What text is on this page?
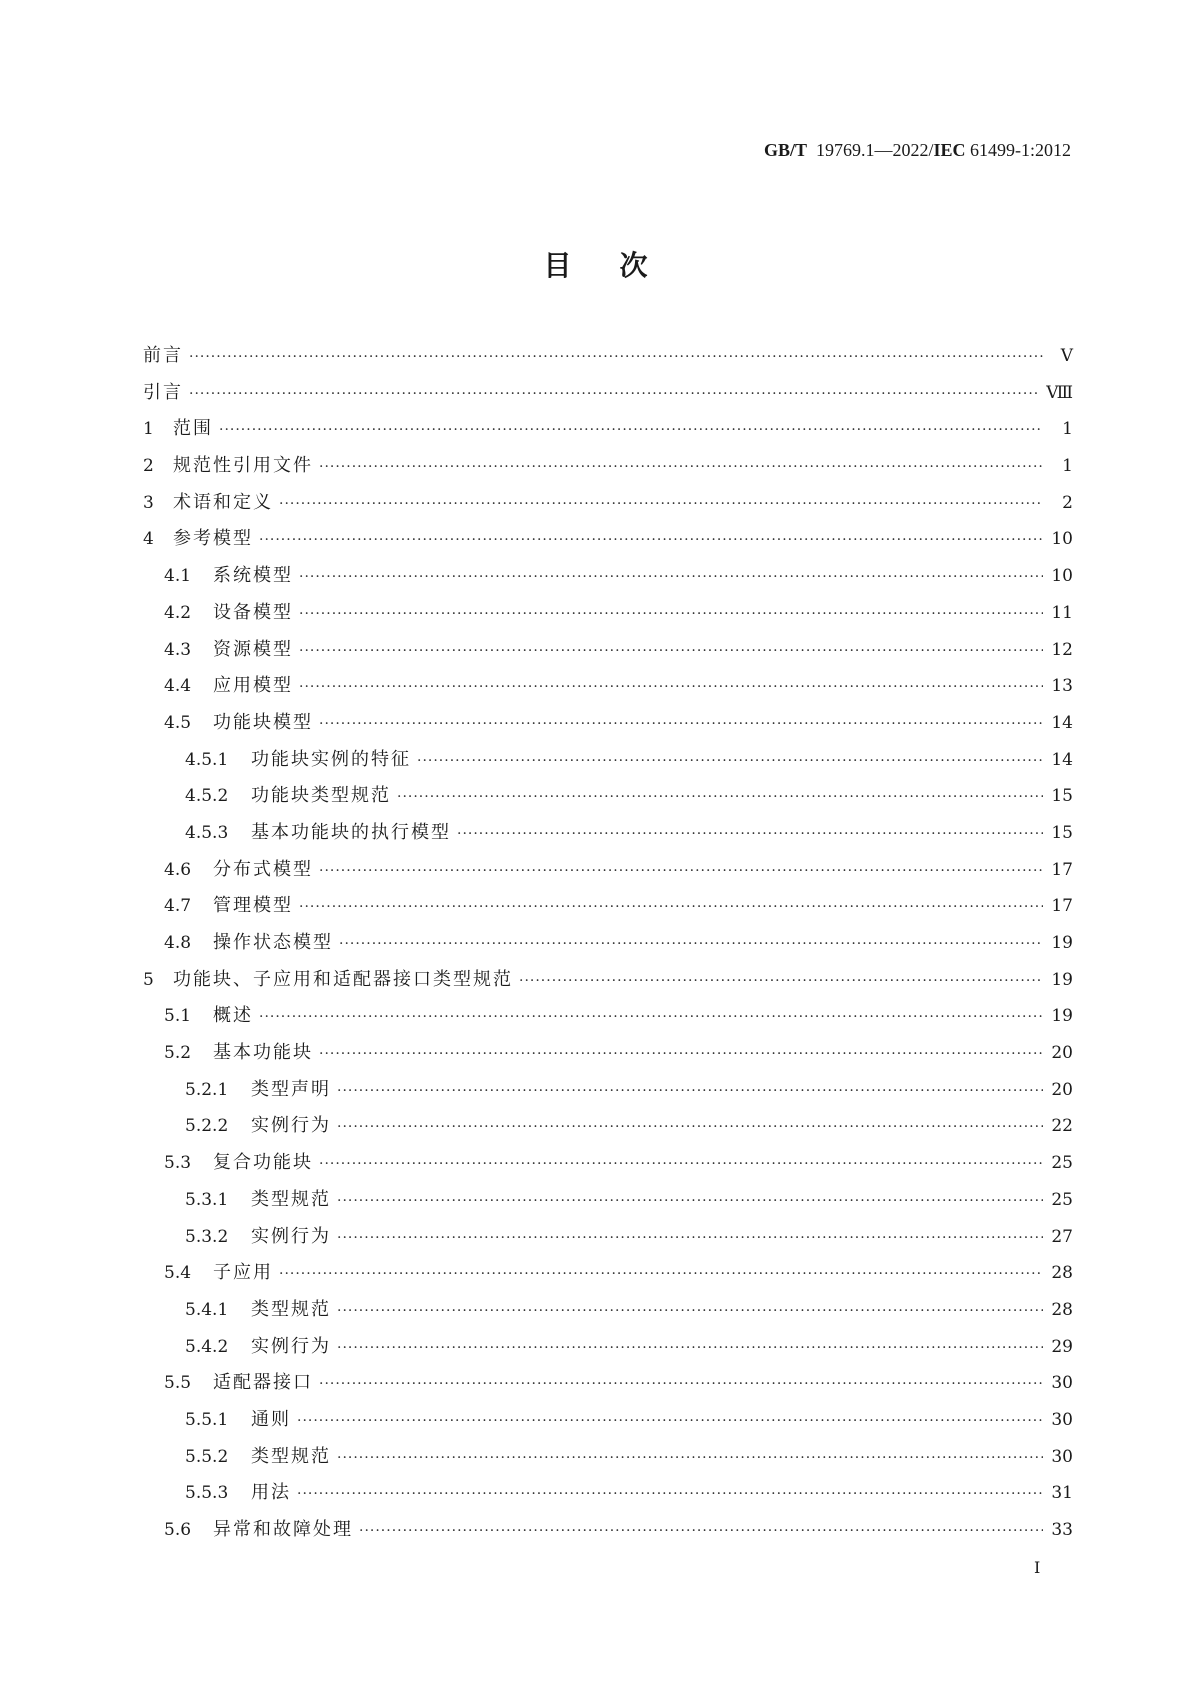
GB/T 19769.1—2022/IEC 61499-1:2012
目次
前言 ·····	Ⅴ
引言 ·····	Ⅷ
1	范围 ·····	1
2	规范性引用文件 ·····	1
3	术语和定义 ·····	2
4	参考模型 ·····	10
4.1	系统模型 ·····	10
4.2	设备模型 ·····	11
4.3	资源模型 ·····	12
4.4	应用模型 ·····	13
4.5	功能块模型 ·····	14
4.5.1	功能块实例的特征 ·····	14
4.5.2	功能块类型规范 ·····	15
4.5.3	基本功能块的执行模型 ·····	15
4.6	分布式模型 ·····	17
4.7	管理模型 ·····	17
4.8	操作状态模型 ·····	19
5	功能块、子应用和适配器接口类型规范 ·····	19
5.1	概述 ·····	19
5.2	基本功能块 ·····	20
5.2.1	类型声明 ·····	20
5.2.2	实例行为 ·····	22
5.3	复合功能块 ·····	25
5.3.1	类型规范 ·····	25
5.3.2	实例行为 ·····	27
5.4	子应用 ·····	28
5.4.1	类型规范 ·····	28
5.4.2	实例行为 ·····	29
5.5	适配器接口 ·····	30
5.5.1	通则 ·····	30
5.5.2	类型规范 ·····	30
5.5.3	用法 ·····	31
5.6	异常和故障处理 ·····	33
I
